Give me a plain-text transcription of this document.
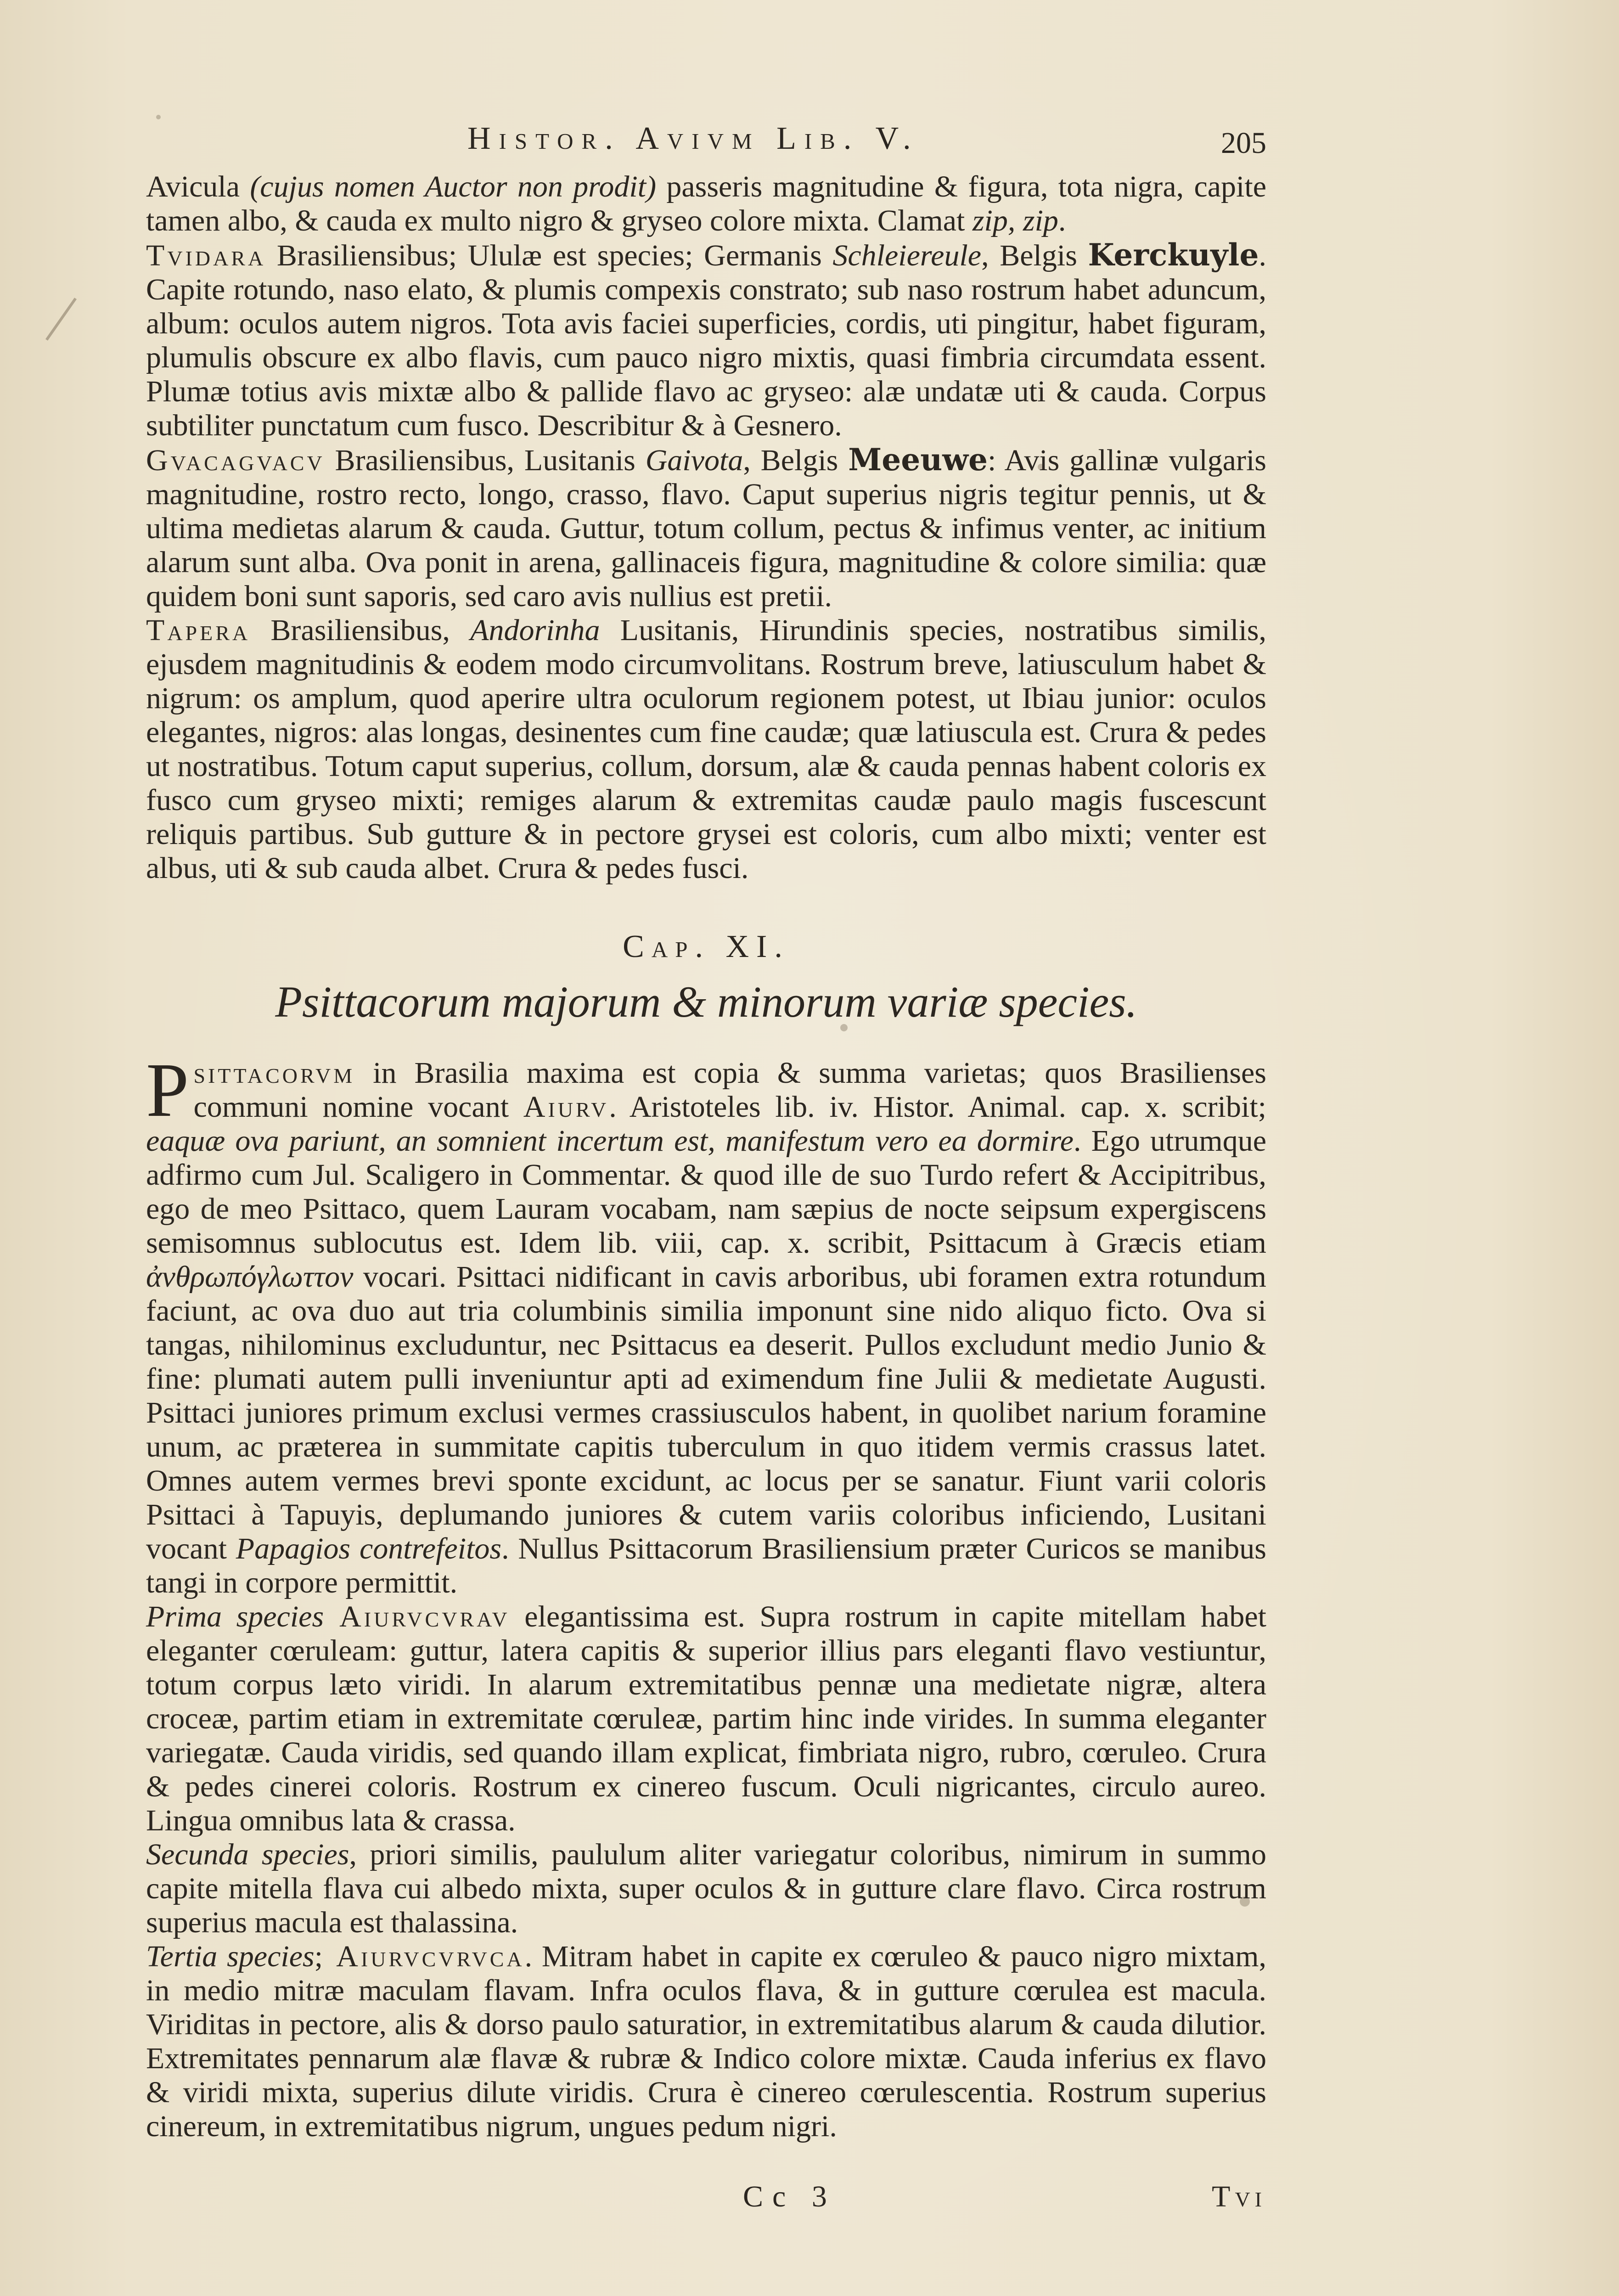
Histor. Avivm Lib. V.	205

Avicula (cujus nomen Auctor non prodit) passeris magnitudine & figura, tota nigra, capite tamen albo, & cauda ex multo nigro & gryseo colore mixta. Clamat zip, zip.

Tvidara Brasiliensibus; Ululæ est species; Germanis Schleiereule, Belgis Kerckuyle. Capite rotundo, naso elato, & plumis compexis constrato; sub naso rostrum habet aduncum, album: oculos autem nigros. Tota avis faciei superficies, cordis, uti pingitur, habet figuram, plumulis obscure ex albo flavis, cum pauco nigro mixtis, quasi fimbria circumdata essent. Plumæ totius avis mixtæ albo & pallide flavo ac gryseo: alæ undatæ uti & cauda. Corpus subtiliter punctatum cum fusco. Describitur & à Gesnero.

Gvacagvacv Brasiliensibus, Lusitanis Gaivota, Belgis Meeuwe: Avis gallinæ vulgaris magnitudine, rostro recto, longo, crasso, flavo. Caput superius nigris tegitur pennis, ut & ultima medietas alarum & cauda. Guttur, totum collum, pectus & infimus venter, ac initium alarum sunt alba. Ova ponit in arena, gallinaceis figura, magnitudine & colore similia: quæ quidem boni sunt saporis, sed caro avis nullius est pretii.

Tapera Brasiliensibus, Andorinha Lusitanis, Hirundinis species, nostratibus similis, ejusdem magnitudinis & eodem modo circumvolitans. Rostrum breve, latiusculum habet & nigrum: os amplum, quod aperire ultra oculorum regionem potest, ut Ibiau junior: oculos elegantes, nigros: alas longas, desinentes cum fine caudæ; quæ latiuscula est. Crura & pedes ut nostratibus. Totum caput superius, collum, dorsum, alæ & cauda pennas habent coloris ex fusco cum gryseo mixti; remiges alarum & extremitas caudæ paulo magis fuscescunt reliquis partibus. Sub gutture & in pectore grysei est coloris, cum albo mixti; venter est albus, uti & sub cauda albet. Crura & pedes fusci.

Cap. XI.
Psittacorum majorum & minorum variæ species.

Psittacorvm in Brasilia maxima est copia & summa varietas; quos Brasilienses communi nomine vocant Aiurv. Aristoteles lib. iv. Histor. Animal. cap. x. scribit; eaquæ ova pariunt, an somnient incertum est, manifestum vero ea dormire. Ego utrumque adfirmo cum Jul. Scaligero in Commentar. & quod ille de suo Turdo refert & Accipitribus, ego de meo Psittaco, quem Lauram vocabam, nam sæpius de nocte seipsum expergiscens semisomnus sublocutus est. Idem lib. viii, cap. x. scribit, Psittacum à Græcis etiam ἀνθρωπόγλωττον vocari. Psittaci nidificant in cavis arboribus, ubi foramen extra rotundum faciunt, ac ova duo aut tria columbinis similia imponunt sine nido aliquo ficto. Ova si tangas, nihilominus excluduntur, nec Psittacus ea deserit. Pullos excludunt medio Junio & fine: plumati autem pulli inveniuntur apti ad eximendum fine Julii & medietate Augusti. Psittaci juniores primum exclusi vermes crassiusculos habent, in quolibet narium foramine unum, ac præterea in summitate capitis tuberculum in quo itidem vermis crassus latet. Omnes autem vermes brevi sponte excidunt, ac locus per se sanatur. Fiunt varii coloris Psittaci à Tapuyis, deplumando juniores & cutem variis coloribus inficiendo, Lusitani vocant Papagios contrefeitos. Nullus Psittacorum Brasiliensium præter Curicos se manibus tangi in corpore permittit.

Prima species Aiurvcvrav elegantissima est. Supra rostrum in capite mitellam habet eleganter cœruleam: guttur, latera capitis & superior illius pars eleganti flavo vestiuntur, totum corpus læto viridi. In alarum extremitatibus pennæ una medietate nigræ, altera croceæ, partim etiam in extremitate cœruleæ, partim hinc inde virides. In summa eleganter variegatæ. Cauda viridis, sed quando illam explicat, fimbriata nigro, rubro, cœruleo. Crura & pedes cinerei coloris. Rostrum ex cinereo fuscum. Oculi nigricantes, circulo aureo. Lingua omnibus lata & crassa.

Secunda species, priori similis, paululum aliter variegatur coloribus, nimirum in summo capite mitella flava cui albedo mixta, super oculos & in gutture clare flavo. Circa rostrum superius macula est thalassina.

Tertia species; Aiurvcvrvca. Mitram habet in capite ex cœruleo & pauco nigro mixtam, in medio mitræ maculam flavam. Infra oculos flava, & in gutture cœrulea est macula. Viriditas in pectore, alis & dorso paulo saturatior, in extremitatibus alarum & cauda dilutior. Extremitates pennarum alæ flavæ & rubræ & Indico colore mixtæ. Cauda inferius ex flavo & viridi mixta, superius dilute viridis. Crura è cinereo cœrulescentia. Rostrum superius cinereum, in extremitatibus nigrum, ungues pedum nigri.

Cc 3	Tvi
